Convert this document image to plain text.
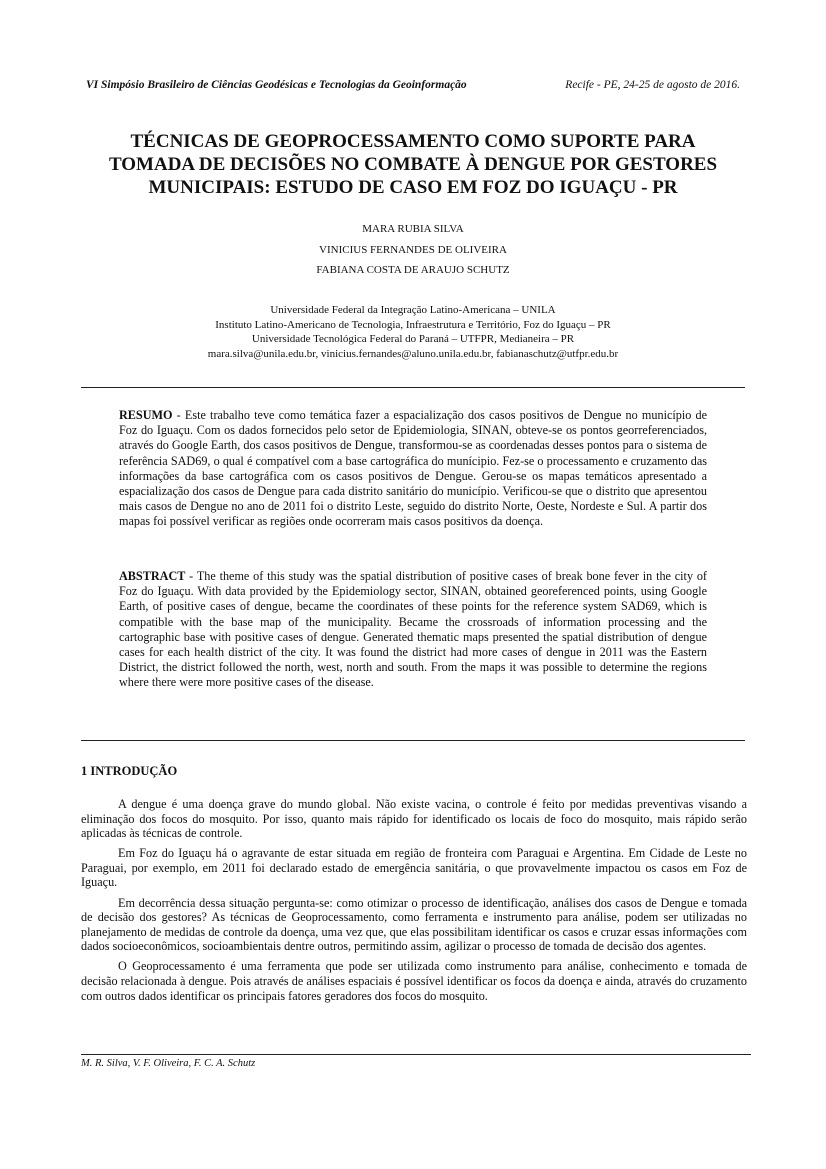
VI Simpósio Brasileiro de Ciências Geodésicas e Tecnologias da Geoinformação	Recife - PE, 24-25 de agosto de 2016.
TÉCNICAS DE GEOPROCESSAMENTO COMO SUPORTE PARA
TOMADA DE DECISÕES NO COMBATE À DENGUE POR GESTORES
MUNICIPAIS: ESTUDO DE CASO EM FOZ DO IGUAÇU - PR
MARA RUBIA SILVA
VINICIUS FERNANDES DE OLIVEIRA
FABIANA COSTA DE ARAUJO SCHUTZ
Universidade Federal da Integração Latino-Americana – UNILA
Instituto Latino-Americano de Tecnologia, Infraestrutura e Território, Foz do Iguaçu – PR
Universidade Tecnológica Federal do Paraná – UTFPR, Medianeira – PR
mara.silva@unila.edu.br, vinicius.fernandes@aluno.unila.edu.br, fabianaschutz@utfpr.edu.br
RESUMO - Este trabalho teve como temática fazer a espacialização dos casos positivos de Dengue no município de Foz do Iguaçu. Com os dados fornecidos pelo setor de Epidemiologia, SINAN, obteve-se os pontos georreferenciados, através do Google Earth, dos casos positivos de Dengue, transformou-se as coordenadas desses pontos para o sistema de referência SAD69, o qual é compatível com a base cartográfica do munícipio. Fez-se o processamento e cruzamento das informações da base cartográfica com os casos positivos de Dengue. Gerou-se os mapas temáticos apresentado a espacialização dos casos de Dengue para cada distrito sanitário do município. Verificou-se que o distrito que apresentou mais casos de Dengue no ano de 2011 foi o distrito Leste, seguido do distrito Norte, Oeste, Nordeste e Sul. A partir dos mapas foi possível verificar as regiões onde ocorreram mais casos positivos da doença.
ABSTRACT - The theme of this study was the spatial distribution of positive cases of break bone fever in the city of Foz do Iguaçu. With data provided by the Epidemiology sector, SINAN, obtained georeferenced points, using Google Earth, of positive cases of dengue, became the coordinates of these points for the reference system SAD69, which is compatible with the base map of the municipality. Became the crossroads of information processing and the cartographic base with positive cases of dengue. Generated thematic maps presented the spatial distribution of dengue cases for each health district of the city. It was found the district had more cases of dengue in 2011 was the Eastern District, the district followed the north, west, north and south. From the maps it was possible to determine the regions where there were more positive cases of the disease.
1 INTRODUÇÃO

A dengue é uma doença grave do mundo global. Não existe vacina, o controle é feito por medidas preventivas visando a eliminação dos focos do mosquito. Por isso, quanto mais rápido for identificado os locais de foco do mosquito, mais rápido serão aplicadas às técnicas de controle.

Em Foz do Iguaçu há o agravante de estar situada em região de fronteira com Paraguai e Argentina. Em Cidade de Leste no Paraguai, por exemplo, em 2011 foi declarado estado de emergência sanitária, o que provavelmente impactou os casos em Foz de Iguaçu.

Em decorrência dessa situação pergunta-se: como otimizar o processo de identificação, análises dos casos de Dengue e tomada de decisão dos gestores? As técnicas de Geoprocessamento, como ferramenta e instrumento para análise, podem ser utilizadas no planejamento de medidas de controle da doença, uma vez que, que elas possibilitam identificar os casos e cruzar essas informações com dados socioeconômicos, socioambientais dentre outros, permitindo assim, agilizar o processo de tomada de decisão dos agentes.

O Geoprocessamento é uma ferramenta que pode ser utilizada como instrumento para análise, conhecimento e tomada de decisão relacionada à dengue. Pois através de análises espaciais é possível identificar os focos da doença e ainda, através do cruzamento com outros dados identificar os principais fatores geradores dos focos do mosquito.

M. R. Silva, V. F. Oliveira, F. C. A. Schutz
